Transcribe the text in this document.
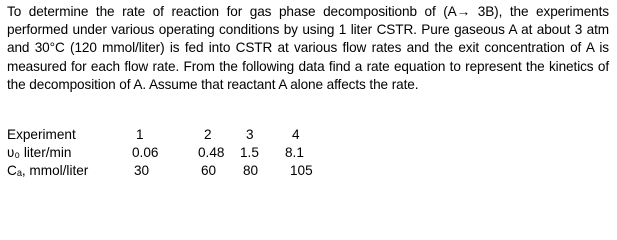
To determine the rate of reaction for gas phase decompositionb of (A→ 3B), the experiments performed under various operating conditions by using 1 liter CSTR. Pure gaseous A at about 3 atm and 30°C (120 mmol/liter) is fed into CSTR at various flow rates and the exit concentration of A is measured for each flow rate. From the following data find a rate equation to represent the kinetics of the decomposition of A. Assume that reactant A alone affects the rate.

Experiment	1	2	3	4
ʋ₀ liter/min	0.06	0.48 1.5 8.1
Cₐ, mmol/liter	30	60 80 105
